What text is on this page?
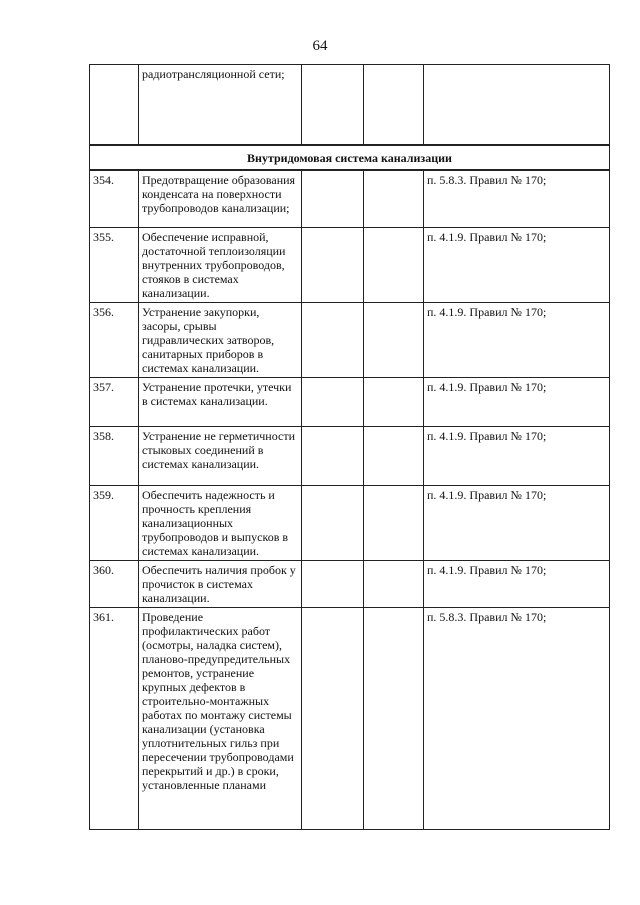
64
	радиотрансляционной сети;			
Внутридомовая система канализации				
354.	Предотвращение образования конденсата на поверхности трубопроводов канализации;			п. 5.8.3. Правил № 170;
355.	Обеспечение исправной, достаточной теплоизоляции внутренних трубопроводов, стояков в системах канализации.			п. 4.1.9. Правил № 170;
356.	Устранение закупорки, засоры, срывы гидравлических затворов, санитарных приборов в системах канализации.			п. 4.1.9. Правил № 170;
357.	Устранение протечки, утечки в системах канализации.			п. 4.1.9. Правил № 170;
358.	Устранение не герметичности стыковых соединений в системах канализации.			п. 4.1.9. Правил № 170;
359.	Обеспечить надежность и прочность крепления канализационных трубопроводов и выпусков в системах канализации.			п. 4.1.9. Правил № 170;
360.	Обеспечить наличия пробок у прочисток в системах канализации.			п. 4.1.9. Правил № 170;
361.	Проведение профилактических работ (осмотры, наладка систем), планово-предупредительных ремонтов, устранение крупных дефектов в строительно-монтажных работах по монтажу системы канализации (установка уплотнительных гильз при пересечении трубопроводами перекрытий и др.) в сроки, установленные планами			п. 5.8.3. Правил № 170;
